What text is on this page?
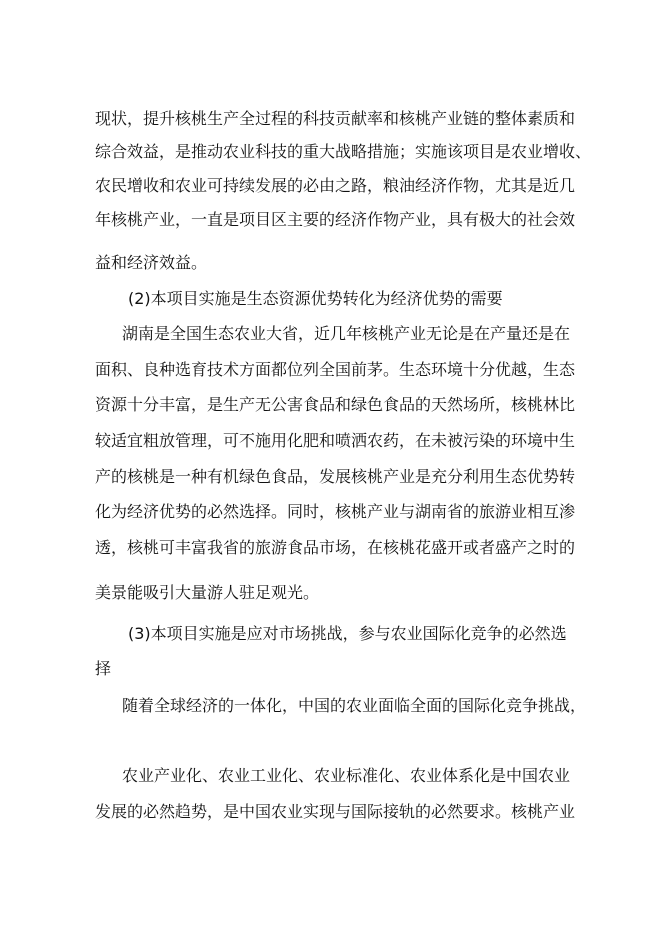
现状，提升核桃生产全过程的科技贡献率和核桃产业链的整体素质和
综合效益，是推动农业科技的重大战略措施；实施该项目是农业增收、
农民增收和农业可持续发展的必由之路，粮油经济作物，尤其是近几
年核桃产业，一直是项目区主要的经济作物产业，具有极大的社会效
益和经济效益。
(2)本项目实施是生态资源优势转化为经济优势的需要
湖南是全国生态农业大省，近几年核桃产业无论是在产量还是在
面积、良种选育技术方面都位列全国前茅。生态环境十分优越，生态
资源十分丰富，是生产无公害食品和绿色食品的天然场所，核桃林比
较适宜粗放管理，可不施用化肥和喷洒农药，在未被污染的环境中生
产的核桃是一种有机绿色食品，发展核桃产业是充分利用生态优势转
化为经济优势的必然选择。同时，核桃产业与湖南省的旅游业相互渗
透，核桃可丰富我省的旅游食品市场，在核桃花盛开或者盛产之时的
美景能吸引大量游人驻足观光。
(3)本项目实施是应对市场挑战，参与农业国际化竞争的必然选
择
随着全球经济的一体化，中国的农业面临全面的国际化竞争挑战，
农业产业化、农业工业化、农业标准化、农业体系化是中国农业
发展的必然趋势，是中国农业实现与国际接轨的必然要求。核桃产业
